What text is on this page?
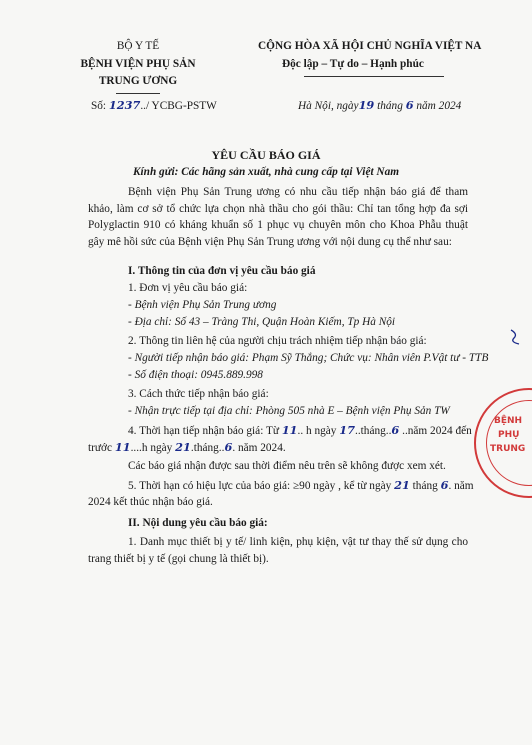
BỘ Y TẾ
BỆNH VIỆN PHỤ SẢN
TRUNG ƯƠNG
Số: 1237../ YCBG-PSTW
CỘNG HÒA XÃ HỘI CHỦ NGHĨA VIỆT NA
Độc lập – Tự do – Hạnh phúc
Hà Nội, ngày19 tháng 6 năm 2024
YÊU CẦU BÁO GIÁ
Kính gửi: Các hãng sản xuất, nhà cung cấp tại Việt Nam
Bệnh viện Phụ Sản Trung ương có nhu cầu tiếp nhận báo giá để tham khảo, làm cơ sở tổ chức lựa chọn nhà thầu cho gói thầu: Chỉ tan tổng hợp đa sợi Polyglactin 910 có kháng khuẩn số 1 phục vụ chuyên môn cho Khoa Phẫu thuật gây mê hồi sức của Bệnh viện Phụ Sản Trung ương với nội dung cụ thể như sau:
I. Thông tin của đơn vị yêu cầu báo giá
1. Đơn vị yêu cầu báo giá:
- Bệnh viện Phụ Sản Trung ương
- Địa chỉ: Số 43 – Tràng Thi, Quận Hoàn Kiếm, Tp Hà Nội
2. Thông tin liên hệ của người chịu trách nhiệm tiếp nhận báo giá:
- Người tiếp nhận báo giá: Phạm Sỹ Thắng; Chức vụ: Nhân viên P.Vật tư - TTB
- Số điện thoại: 0945.889.998
3. Cách thức tiếp nhận báo giá:
- Nhận trực tiếp tại địa chỉ: Phòng 505 nhà E – Bệnh viện Phụ Sản TW
4. Thời hạn tiếp nhận báo giá: Từ 11.. h ngày 17..tháng..6 ..năm 2024 đến
trước 11....h ngày 21.tháng..6. năm 2024.
Các báo giá nhận được sau thời điểm nêu trên sẽ không được xem xét.
5. Thời hạn có hiệu lực của báo giá: ≥90 ngày , kể từ ngày 21 tháng 6. năm
2024 kết thúc nhận báo giá.
II. Nội dung yêu cầu báo giá:
1. Danh mục thiết bị y tế/ linh kiện, phụ kiện, vật tư thay thế sử dụng cho trang thiết bị y tế (gọi chung là thiết bị).
BỆNH
PHỤ
TRUNG
